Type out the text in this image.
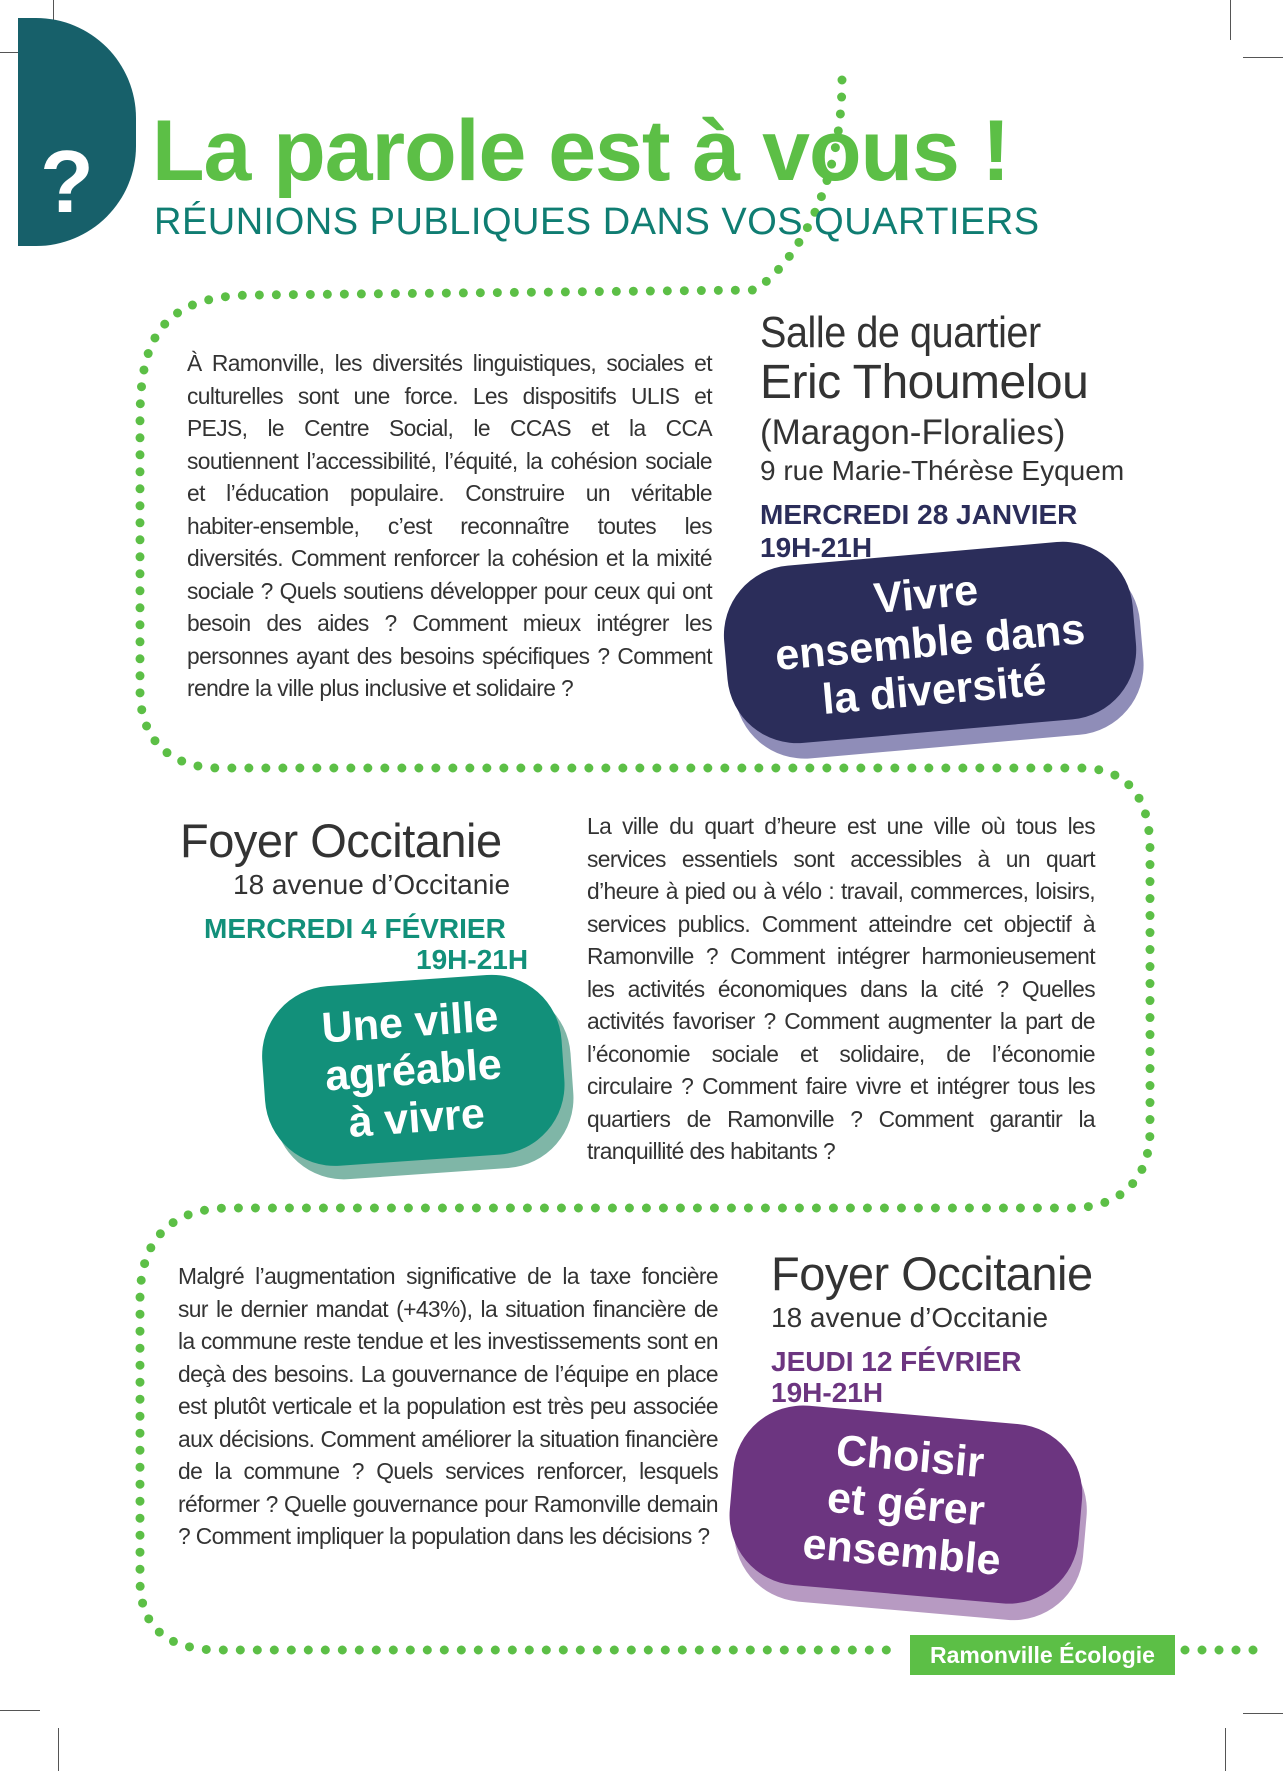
? La parole est à vous !
RÉUNIONS PUBLIQUES DANS VOS QUARTIERS
À Ramonville, les diversités linguistiques, sociales et culturelles sont une force. Les dispositifs ULIS et PEJS, le Centre Social, le CCAS et la CCA soutiennent l’accessibilité, l’équité, la cohésion sociale et l’éducation populaire. Construire un véritable habiter-ensemble, c’est reconnaître toutes les diversités. Comment renforcer la cohésion et la mixité sociale ? Quels soutiens développer pour ceux qui ont besoin des aides ? Comment mieux intégrer les personnes ayant des besoins spécifiques ? Comment rendre la ville plus inclusive et solidaire ?
Salle de quartier
Eric Thoumelou
(Maragon-Floralies)
9 rue Marie-Thérèse Eyquem
MERCREDI 28 JANVIER
19H-21H
Vivre
ensemble dans
la diversité
Foyer Occitanie
18 avenue d’Occitanie
MERCREDI 4 FÉVRIER
19H-21H
Une ville
agréable
à vivre
La ville du quart d’heure est une ville où tous les services essentiels sont accessibles à un quart d’heure à pied ou à vélo : travail, commerces, loisirs, services publics. Comment atteindre cet objectif à Ramonville ? Comment intégrer harmonieusement les activités économiques dans la cité ? Quelles activités favoriser ? Comment augmenter la part de l’économie sociale et solidaire, de l’économie circulaire ? Comment faire vivre et intégrer tous les quartiers de Ramonville ? Comment garantir la tranquillité des habitants ?
Malgré l’augmentation significative de la taxe foncière sur le dernier mandat (+43%), la situation financière de la commune reste tendue et les investissements sont en deçà des besoins. La gouvernance de l’équipe en place est plutôt verticale et la population est très peu associée aux décisions. Comment améliorer la situation financière de la commune ? Quels services renforcer, lesquels réformer ? Quelle gouvernance pour Ramonville demain ? Comment impliquer la population dans les décisions ?
Foyer Occitanie
18 avenue d’Occitanie
JEUDI 12 FÉVRIER
19H-21H
Choisir
et gérer
ensemble
Ramonville Écologie
